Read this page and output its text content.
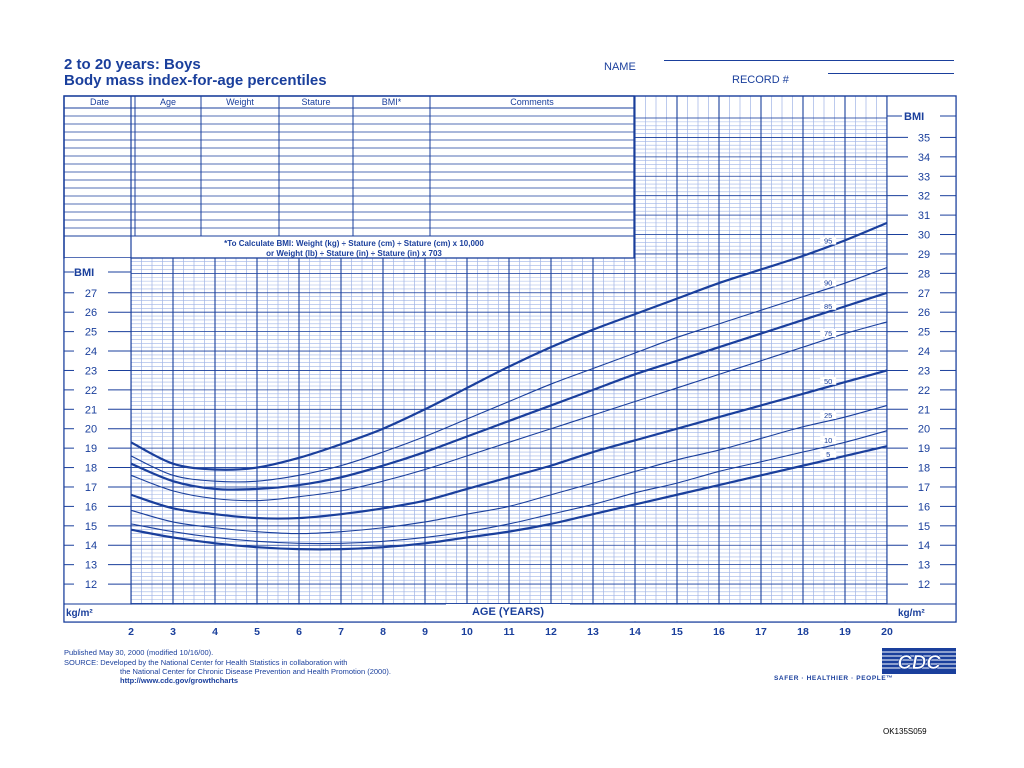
2 to 20 years: Boys
Body mass index-for-age percentiles
NAME
RECORD #
Date	Age	Weight	Stature	BMI*	Comments
*To Calculate BMI: Weight (kg) ÷ Stature (cm) ÷ Stature (cm) x 10,000
or Weight (lb) ÷ Stature (in) ÷ Stature (in) x 703
95
90
85
75
50
25
10
5
2	3	4	5	6	7	8	9	10	11	12	13	14	15	16	17	18	19	20
12
13
14
15
16
17
18
19
20
21
22
23
24
25
26
27
12
13
14
15
16
17
18
19
20
21
22
23
24
25
26
27
28
29
30
31
32
33
34
35
BMI
BMI
kg/m²	kg/m²
AGE (YEARS)
Published May 30, 2000 (modified 10/16/00).
SOURCE: Developed by the National Center for Health Statistics in collaboration with
the National Center for Chronic Disease Prevention and Health Promotion (2000).
http://www.cdc.gov/growthcharts
CDC
SAFER · HEALTHIER · PEOPLE™
OK135S059
